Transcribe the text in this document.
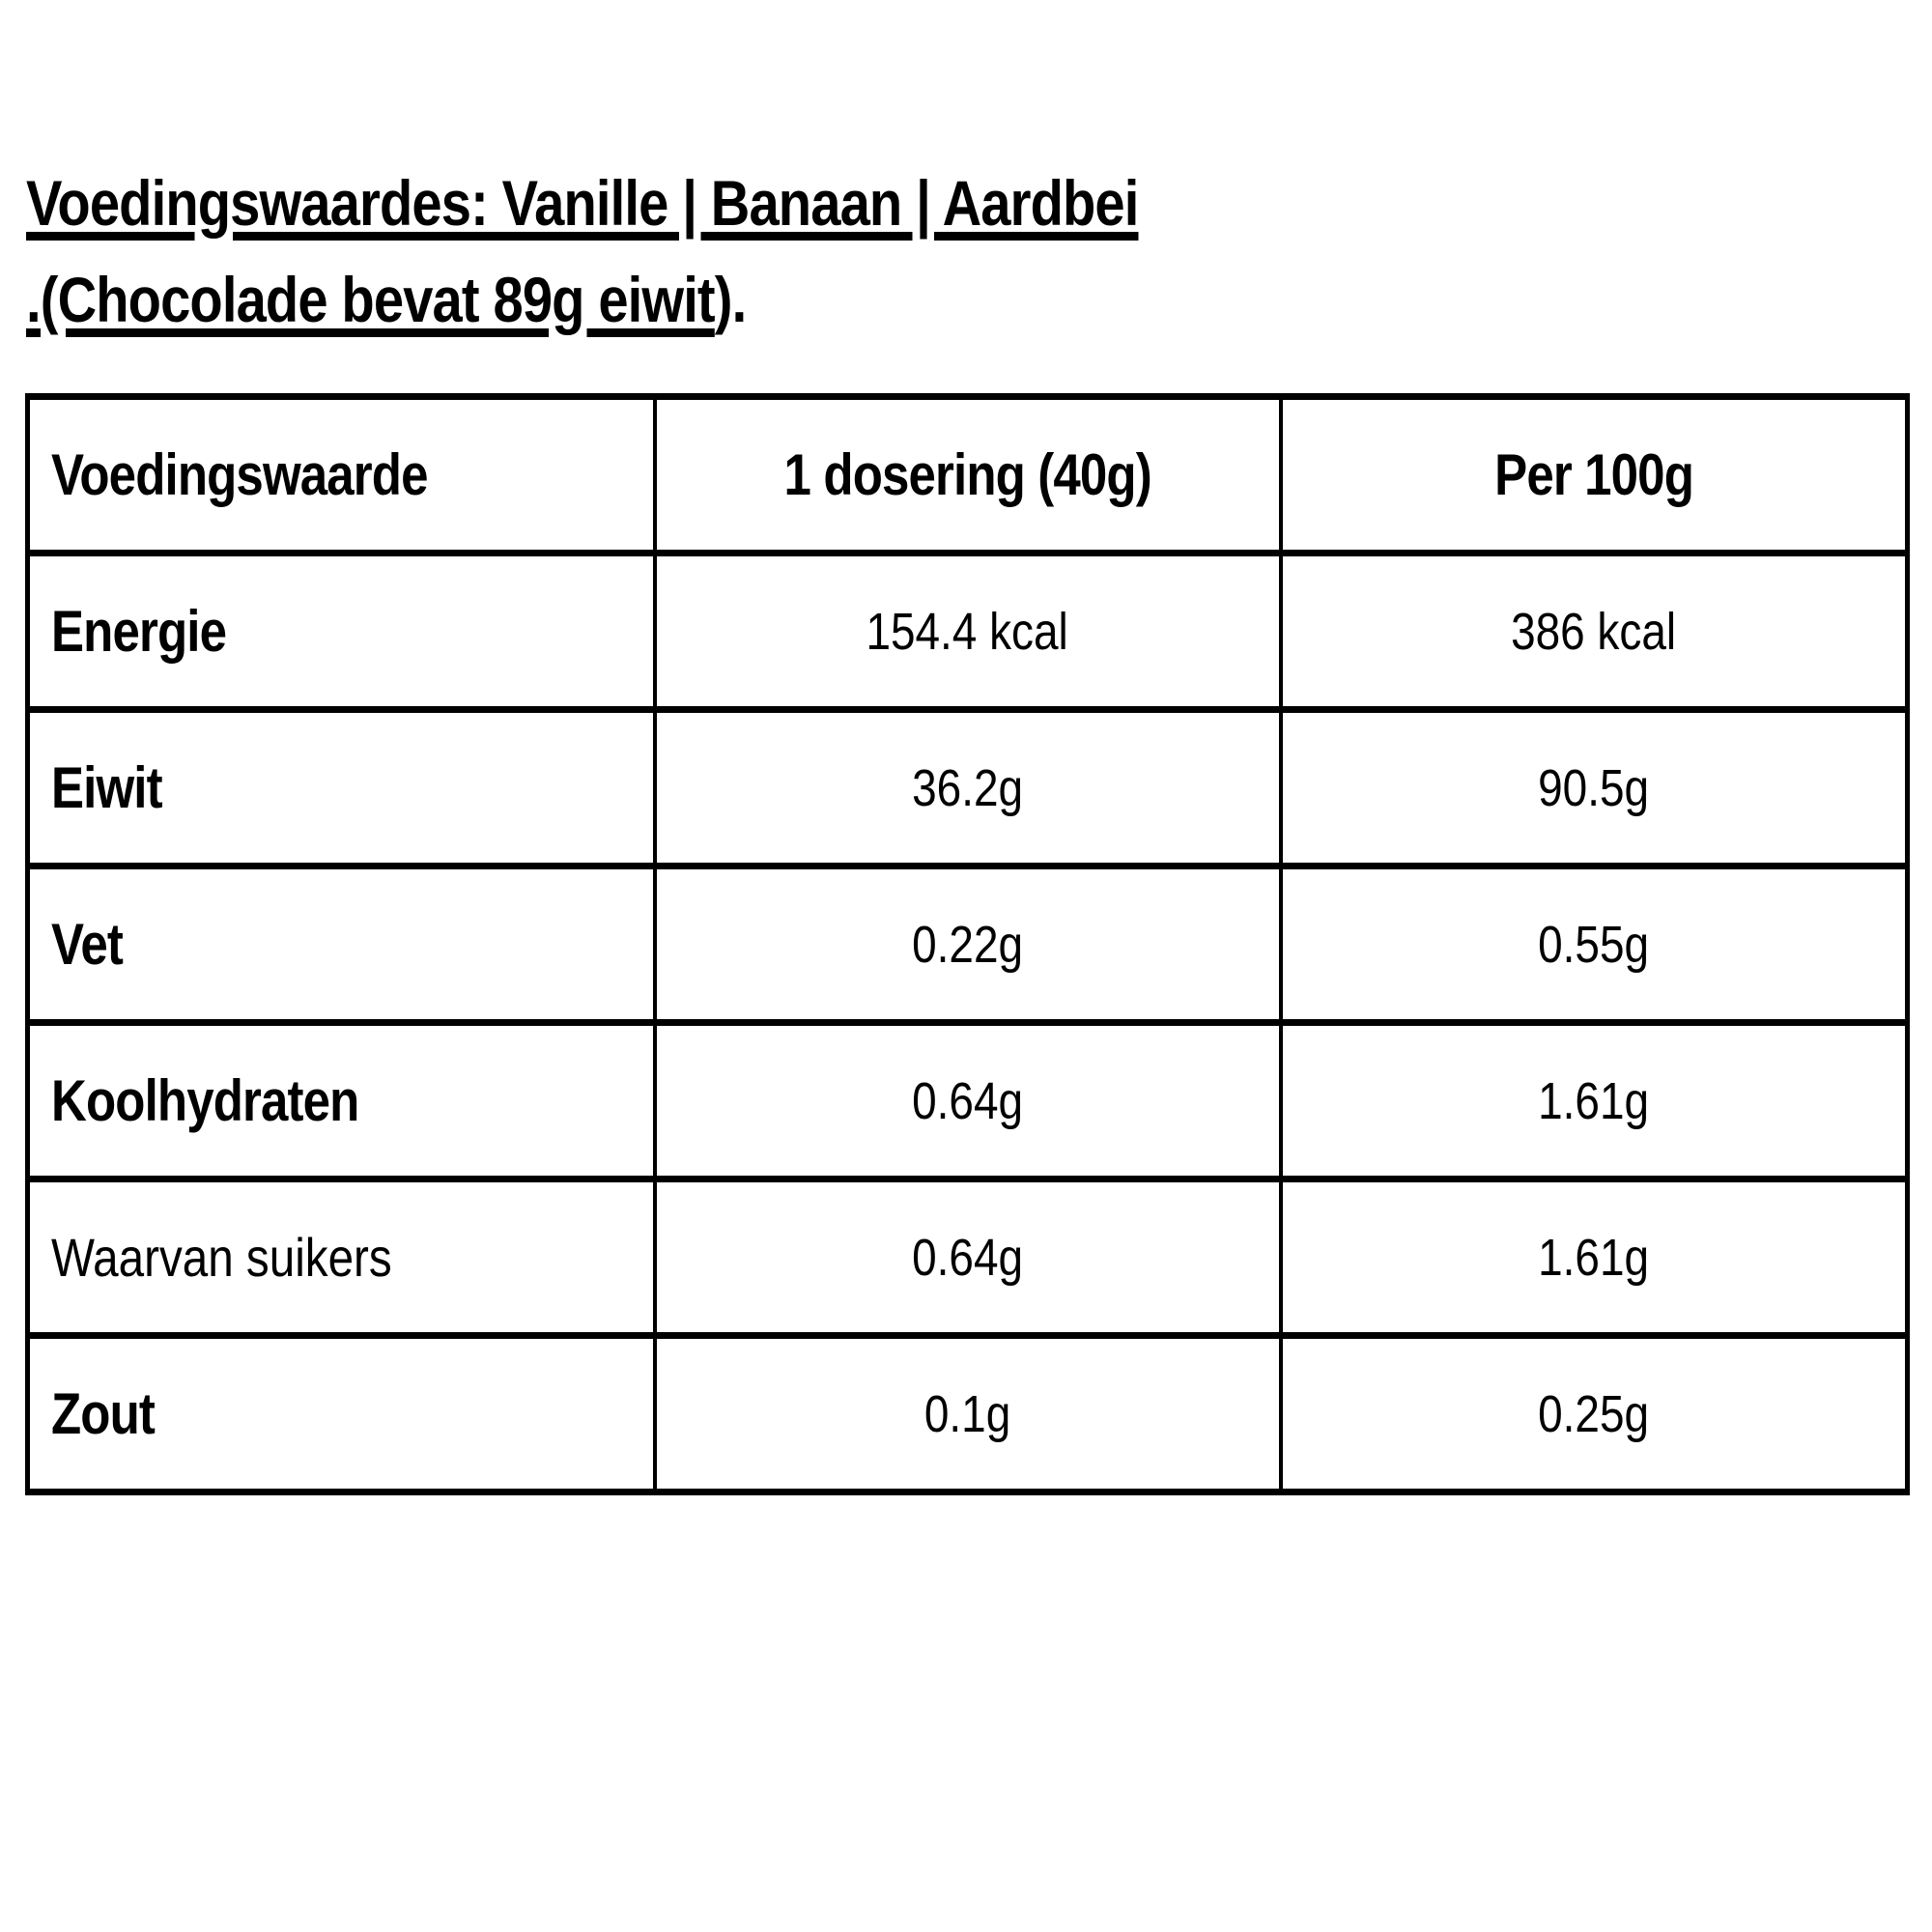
Voedingswaardes: Vanille | Banaan | Aardbei
.(Chocolade bevat 89g eiwit).
Voedingswaarde	1 dosering (40g)	Per 100g
Energie	154.4 kcal	386 kcal
Eiwit	36.2g	90.5g
Vet	0.22g	0.55g
Koolhydraten	0.64g	1.61g
Waarvan suikers	0.64g	1.61g
Zout	0.1g	0.25g
